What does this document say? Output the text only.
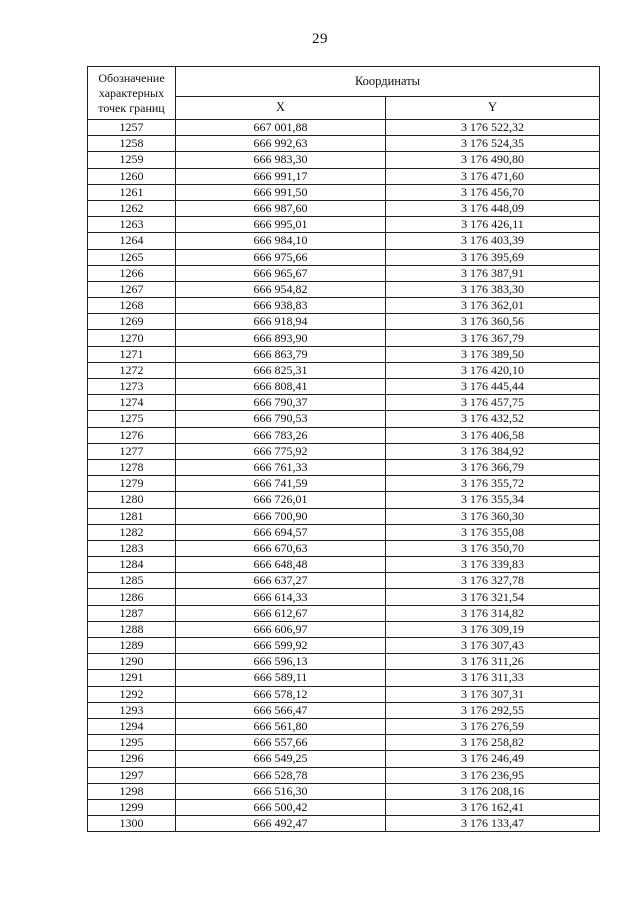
29
Обозначение характерных точек границ	Координаты	
	X	Y
1257	667 001,88	3 176 522,32
1258	666 992,63	3 176 524,35
1259	666 983,30	3 176 490,80
1260	666 991,17	3 176 471,60
1261	666 991,50	3 176 456,70
1262	666 987,60	3 176 448,09
1263	666 995,01	3 176 426,11
1264	666 984,10	3 176 403,39
1265	666 975,66	3 176 395,69
1266	666 965,67	3 176 387,91
1267	666 954,82	3 176 383,30
1268	666 938,83	3 176 362,01
1269	666 918,94	3 176 360,56
1270	666 893,90	3 176 367,79
1271	666 863,79	3 176 389,50
1272	666 825,31	3 176 420,10
1273	666 808,41	3 176 445,44
1274	666 790,37	3 176 457,75
1275	666 790,53	3 176 432,52
1276	666 783,26	3 176 406,58
1277	666 775,92	3 176 384,92
1278	666 761,33	3 176 366,79
1279	666 741,59	3 176 355,72
1280	666 726,01	3 176 355,34
1281	666 700,90	3 176 360,30
1282	666 694,57	3 176 355,08
1283	666 670,63	3 176 350,70
1284	666 648,48	3 176 339,83
1285	666 637,27	3 176 327,78
1286	666 614,33	3 176 321,54
1287	666 612,67	3 176 314,82
1288	666 606,97	3 176 309,19
1289	666 599,92	3 176 307,43
1290	666 596,13	3 176 311,26
1291	666 589,11	3 176 311,33
1292	666 578,12	3 176 307,31
1293	666 566,47	3 176 292,55
1294	666 561,80	3 176 276,59
1295	666 557,66	3 176 258,82
1296	666 549,25	3 176 246,49
1297	666 528,78	3 176 236,95
1298	666 516,30	3 176 208,16
1299	666 500,42	3 176 162,41
1300	666 492,47	3 176 133,47
